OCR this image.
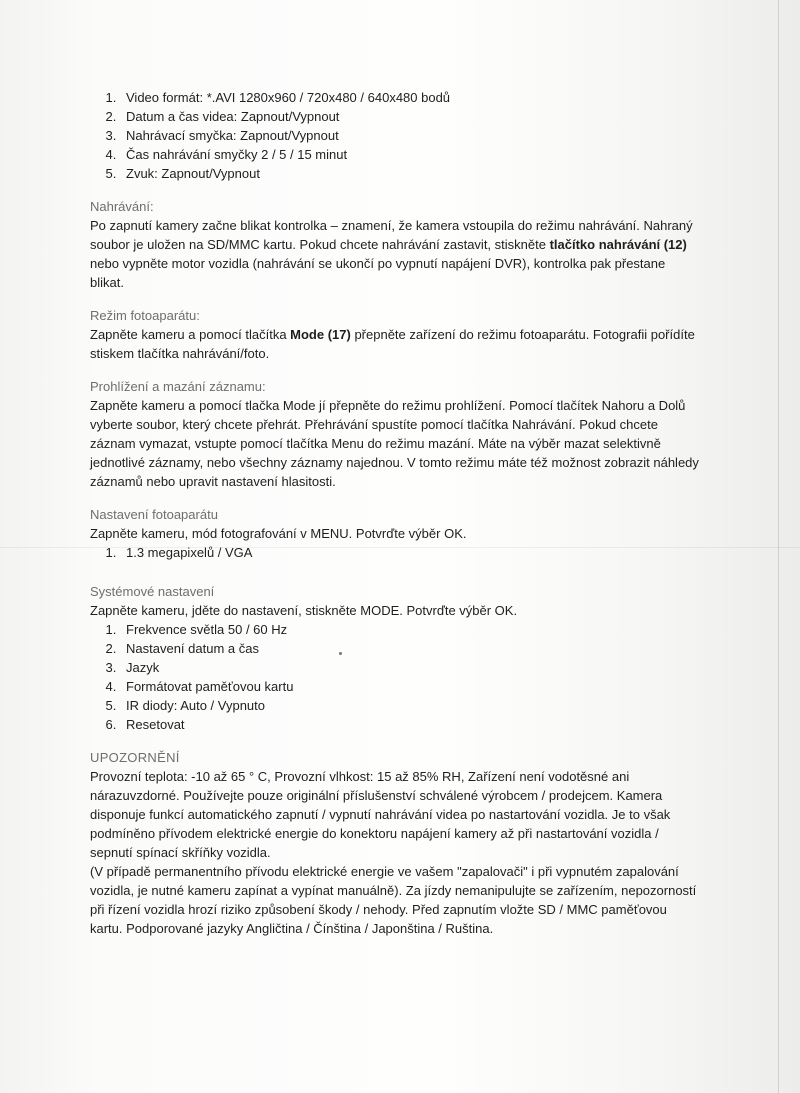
1. Video formát: *.AVI 1280x960 / 720x480 / 640x480 bodů
2. Datum a čas videa: Zapnout/Vypnout
3. Nahrávací smyčka: Zapnout/Vypnout
4. Čas nahrávání smyčky 2 / 5 / 15 minut
5. Zvuk: Zapnout/Vypnout
Nahrávání:

Po zapnutí kamery začne blikat kontrolka – znamení, že kamera vstoupila do režimu nahrávání. Nahraný soubor je uložen na SD/MMC kartu. Pokud chcete nahrávání zastavit, stiskněte tlačítko nahrávání (12) nebo vypněte motor vozidla (nahrávání se ukončí po vypnutí napájení DVR), kontrolka pak přestane blikat.

Režim fotoaparátu:

Zapněte kameru a pomocí tlačítka Mode (17) přepněte zařízení do režimu fotoaparátu. Fotografii pořídíte stiskem tlačítka nahrávání/foto.

Prohlížení a mazání záznamu:

Zapněte kameru a pomocí tlačka Mode jí přepněte do režimu prohlížení. Pomocí tlačítek Nahoru a Dolů vyberte soubor, který chcete přehrát. Přehrávání spustíte pomocí tlačítka Nahrávání. Pokud chcete záznam vymazat, vstupte pomocí tlačítka Menu do režimu mazání. Máte na výběr mazat selektivně jednotlivé záznamy, nebo všechny záznamy najednou. V tomto režimu máte též možnost zobrazit náhledy záznamů nebo upravit nastavení hlasitosti.

Nastavení fotoaparátu

Zapněte kameru, mód fotografování v MENU. Potvrďte výběr OK.

1. 1.3 megapixelů / VGA
Systémové nastavení

Zapněte kameru, jděte do nastavení, stiskněte MODE. Potvrďte výběr OK.

1. Frekvence světla 50 / 60 Hz
2. Nastavení datum a čas
3. Jazyk
4. Formátovat paměťovou kartu
5. IR diody: Auto / Vypnuto
6. Resetovat
UPOZORNĚNÍ

Provozní teplota: -10 až 65 ° C, Provozní vlhkost: 15 až 85% RH, Zařízení není vodotěsné ani nárazuvzdorné. Používejte pouze originální příslušenství schválené výrobcem / prodejcem. Kamera disponuje funkcí automatického zapnutí / vypnutí nahrávání videa po nastartování vozidla. Je to však podmíněno přívodem elektrické energie do konektoru napájení kamery až při nastartování vozidla / sepnutí spínací skříňky vozidla.

(V případě permanentního přívodu elektrické energie ve vašem "zapalovači" i při vypnutém zapalování vozidla, je nutné kameru zapínat a vypínat manuálně). Za jízdy nemanipulujte se zařízením, nepozorností při řízení vozidla hrozí riziko způsobení škody / nehody. Před zapnutím vložte SD / MMC paměťovou kartu. Podporované jazyky Angličtina / Čínština / Japonština / Ruština.
